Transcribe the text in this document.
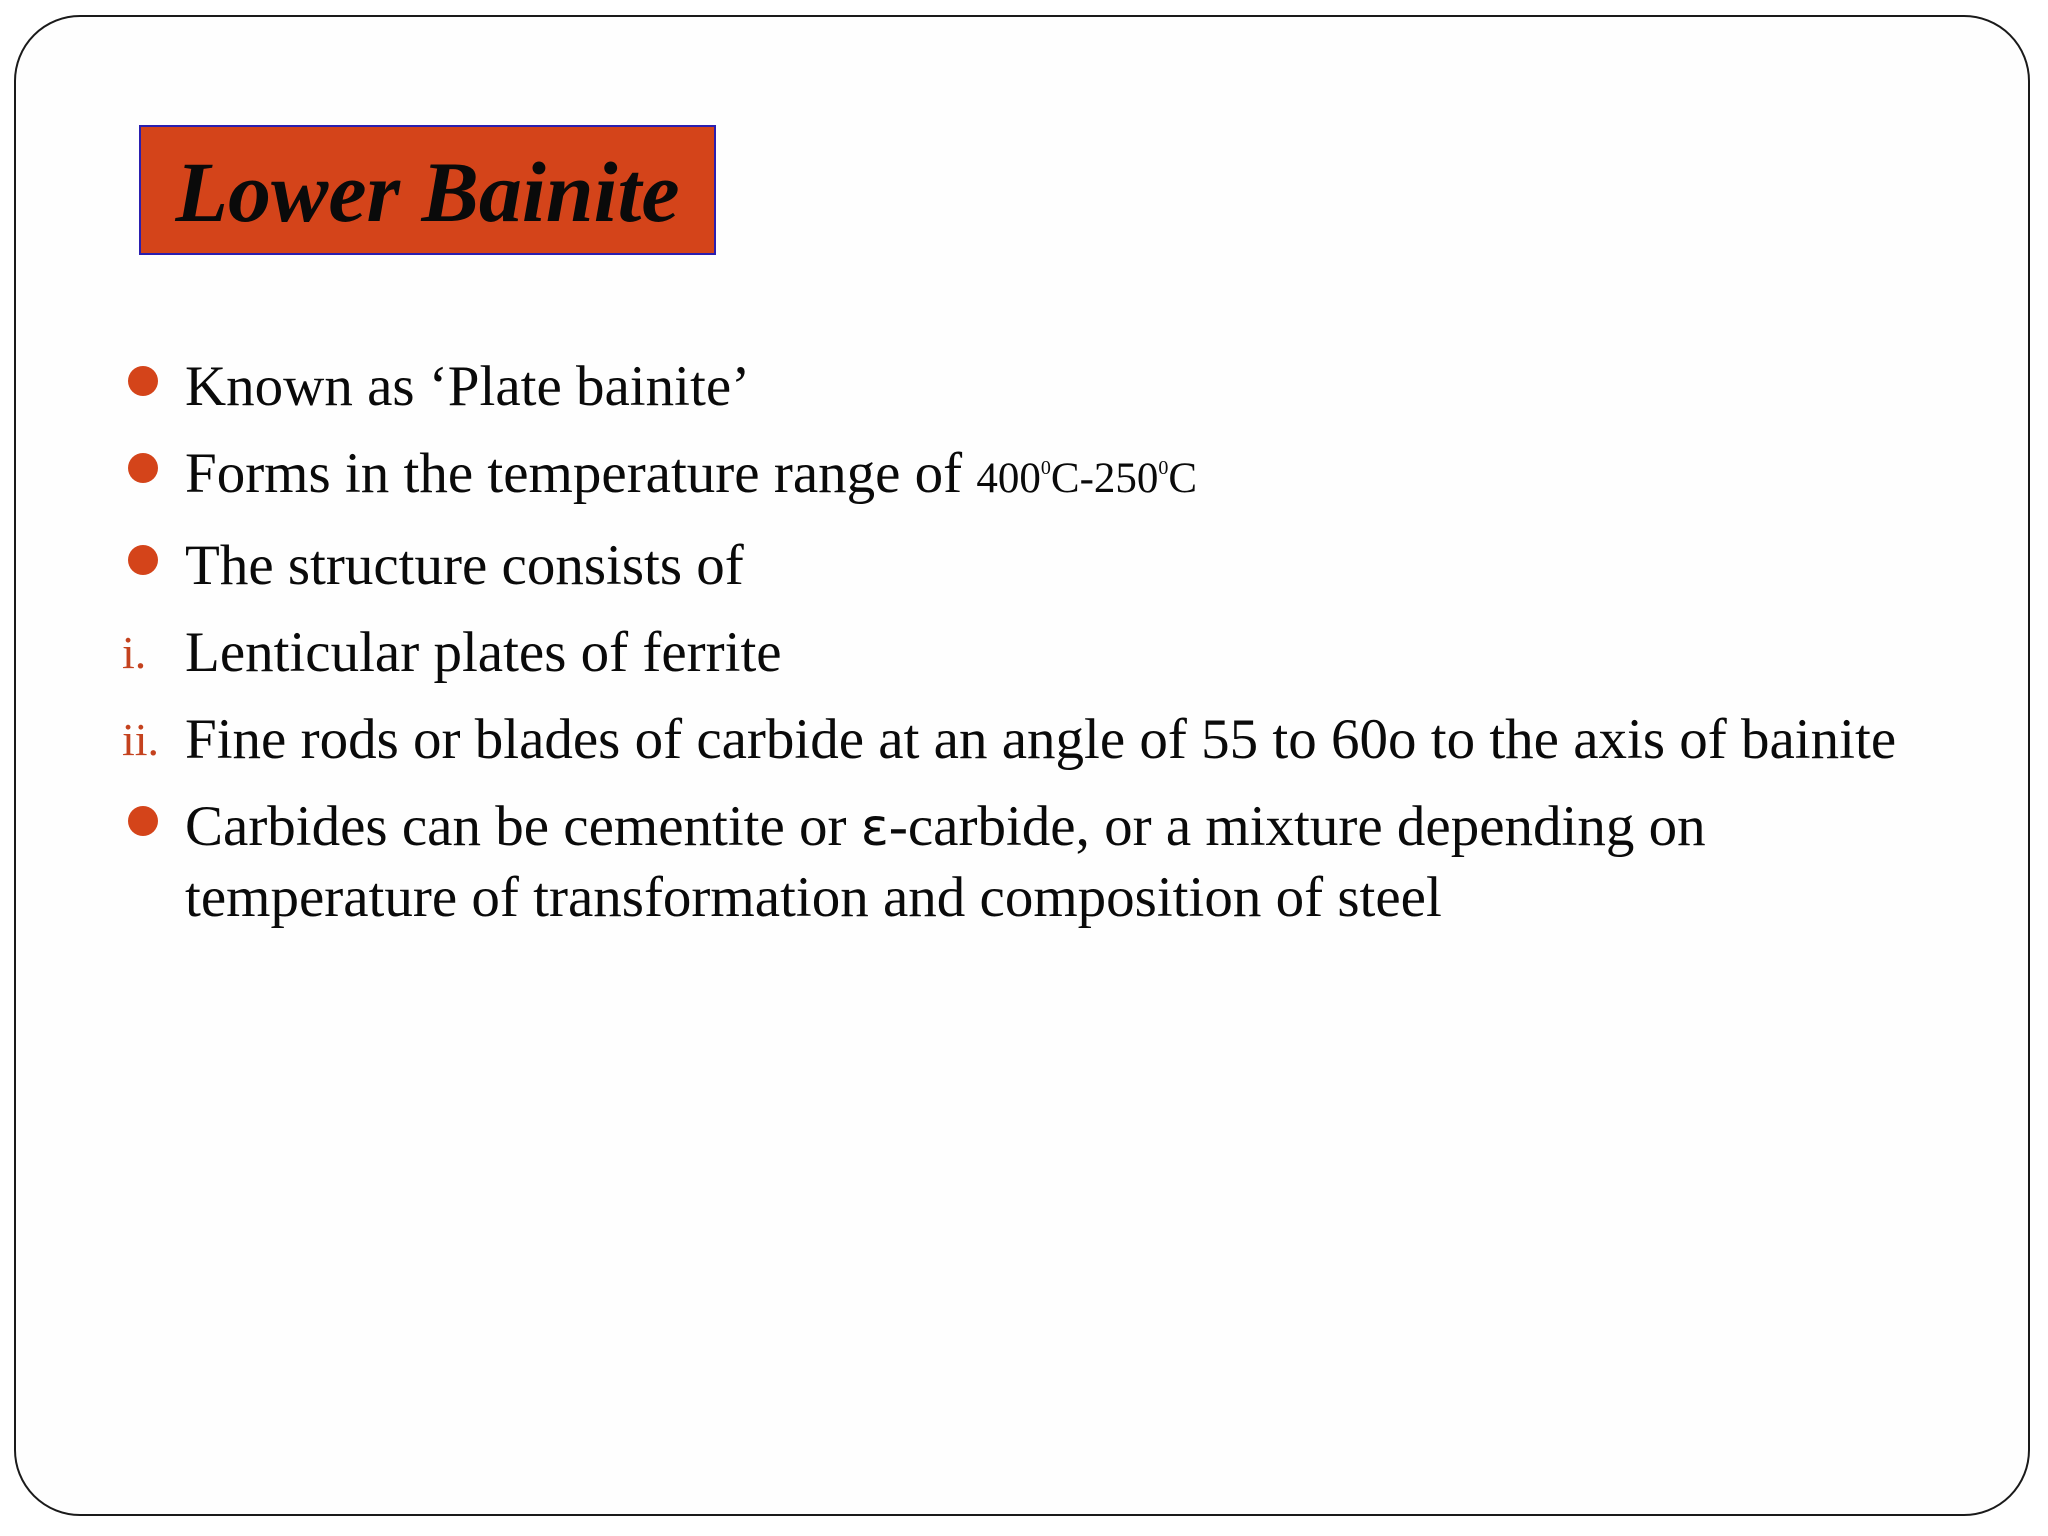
Lower Bainite
Known as ‘Plate bainite’
Forms in the temperature range of $400^0C-250^0C$
The structure consists of
i. Lenticular plates of ferrite
ii. Fine rods or blades of carbide at an angle of 55 to 60o to the axis of bainite
Carbides can be cementite or ε-carbide, or a mixture depending on temperature of transformation and composition of steel
